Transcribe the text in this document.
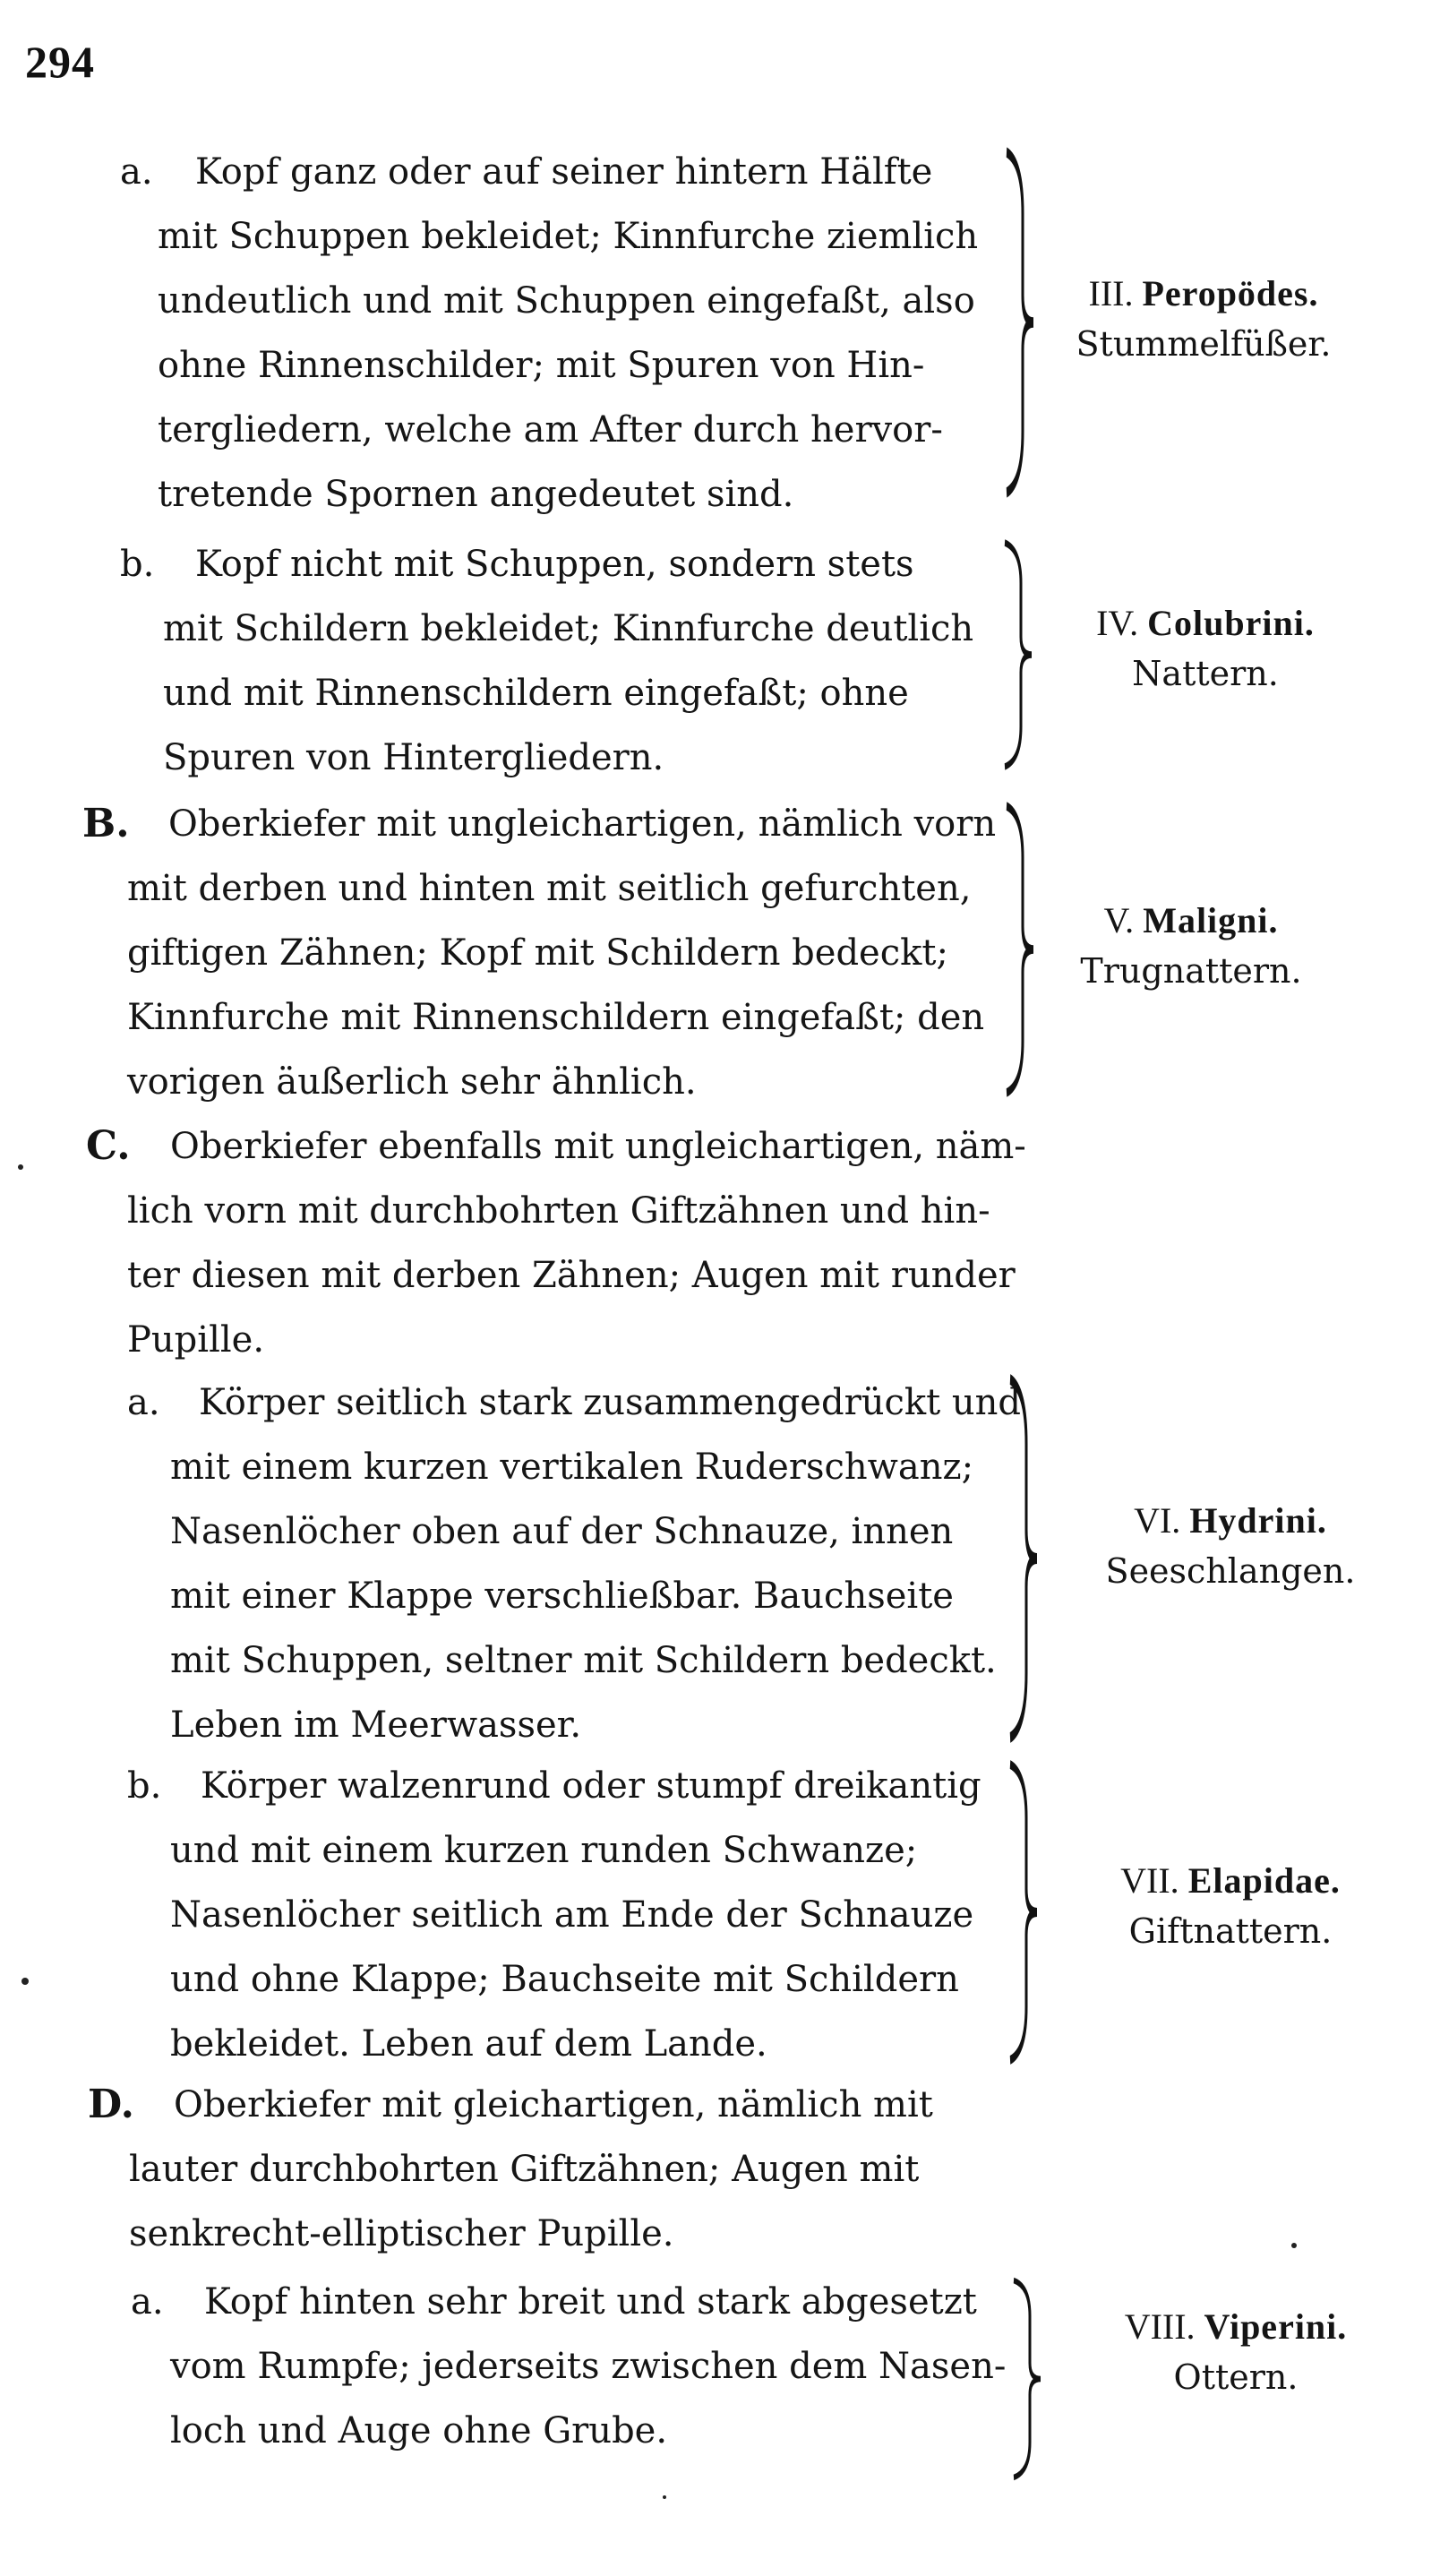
294
a. Kopf ganz oder auf seiner hintern Hälfte
mit Schuppen bekleidet; Kinnfurche ziemlich
undeutlich und mit Schuppen eingefaßt, also
ohne Rinnenschilder; mit Spuren von Hin-
tergliedern, welche am After durch hervor-
tretende Spornen angedeutet sind.
III. Peropödes.
Stummelfüßer.
b. Kopf nicht mit Schuppen, sondern stets
mit Schildern bekleidet; Kinnfurche deutlich
und mit Rinnenschildern eingefaßt; ohne
Spuren von Hintergliedern.
IV. Colubrini.
Nattern.
B. Oberkiefer mit ungleichartigen, nämlich vorn
mit derben und hinten mit seitlich gefurchten,
giftigen Zähnen; Kopf mit Schildern bedeckt;
Kinnfurche mit Rinnenschildern eingefaßt; den
vorigen äußerlich sehr ähnlich.
V. Maligni.
Trugnattern.
C. Oberkiefer ebenfalls mit ungleichartigen, näm-
lich vorn mit durchbohrten Giftzähnen und hin-
ter diesen mit derben Zähnen; Augen mit runder
Pupille.
a. Körper seitlich stark zusammengedrückt und
mit einem kurzen vertikalen Ruderschwanz;
Nasenlöcher oben auf der Schnauze, innen
mit einer Klappe verschließbar. Bauchseite
mit Schuppen, seltner mit Schildern bedeckt.
Leben im Meerwasser.
VI. Hydrini.
Seeschlangen.
b. Körper walzenrund oder stumpf dreikantig
und mit einem kurzen runden Schwanze;
Nasenlöcher seitlich am Ende der Schnauze
und ohne Klappe; Bauchseite mit Schildern
bekleidet. Leben auf dem Lande.
VII. Elapidae.
Giftnattern.
D. Oberkiefer mit gleichartigen, nämlich mit
lauter durchbohrten Giftzähnen; Augen mit
senkrecht-elliptischer Pupille.
a. Kopf hinten sehr breit und stark abgesetzt
vom Rumpfe; jederseits zwischen dem Nasen-
loch und Auge ohne Grube.
VIII. Viperini.
Ottern.
